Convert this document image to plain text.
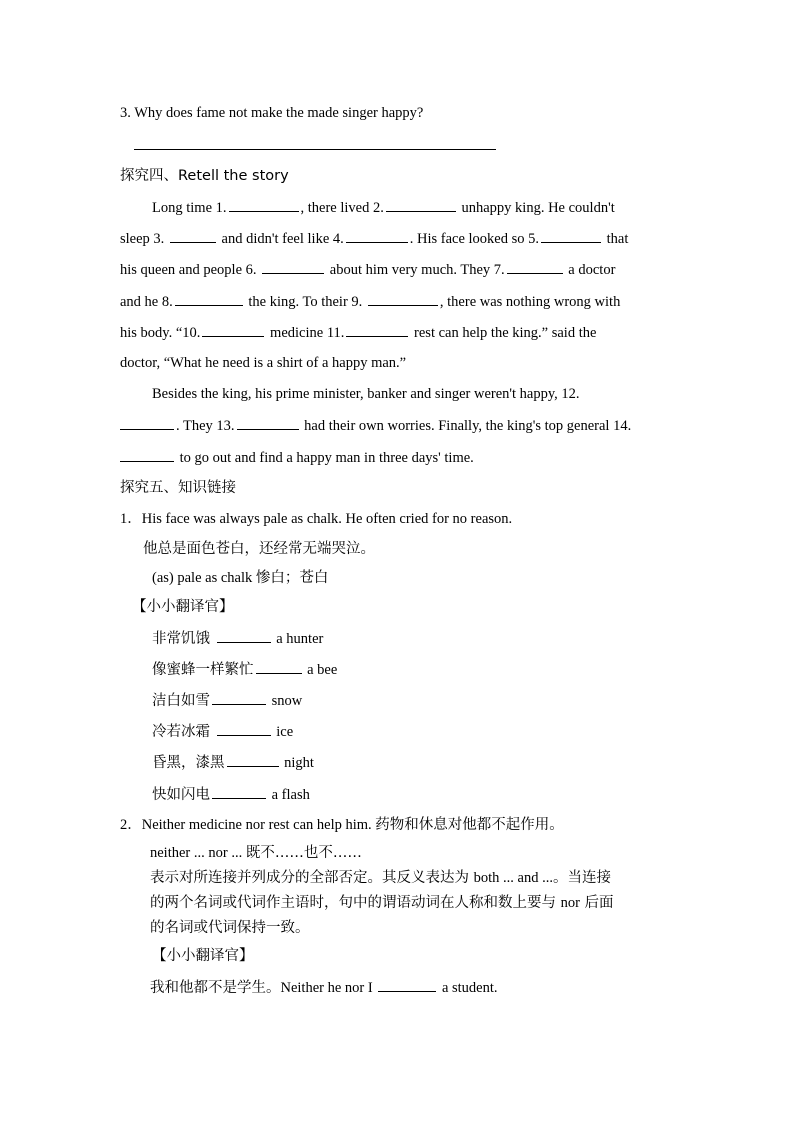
3. Why does fame not make the made singer happy?
探究四、Retell the story
Long time 1.	, there lived 2.	unhappy king. He couldn't
sleep 3.	and didn't feel like 4.	. His face looked so 5.	that
his queen and people 6.	about him very much. They 7.	a doctor
and he 8.	the king. To their 9.	, there was nothing wrong with
his body. “10.	medicine 11.	rest can help the king.” said the
doctor, “What he need is a shirt of a happy man.”
Besides the king, his prime minister, banker and singer weren't happy, 12.
. They 13.	had their own worries. Finally, the king's top general 14.
to go out and find a happy man in three days' time.
探究五、知识链接
1．His face was always pale as chalk. He often cried for no reason.
他总是面色苍白，还经常无端哭泣。
(as) pale as chalk 惨白；苍白
【小小翻译官】
非常饥饿	a hunter
像蜜蜂一样繁忙	a bee
洁白如雪	snow
冷若冰霜	ice
昏黑，漆黑	night
快如闪电	a flash
2．Neither medicine nor rest can help him. 药物和休息对他都不起作用。
neither ... nor ... 既不……也不……
表示对所连接并列成分的全部否定。其反义表达为 both ... and ...。当连接
的两个名词或代词作主语时，句中的谓语动词在人称和数上要与 nor 后面
的名词或代词保持一致。
【小小翻译官】
我和他都不是学生。Neither he nor I	a student.
